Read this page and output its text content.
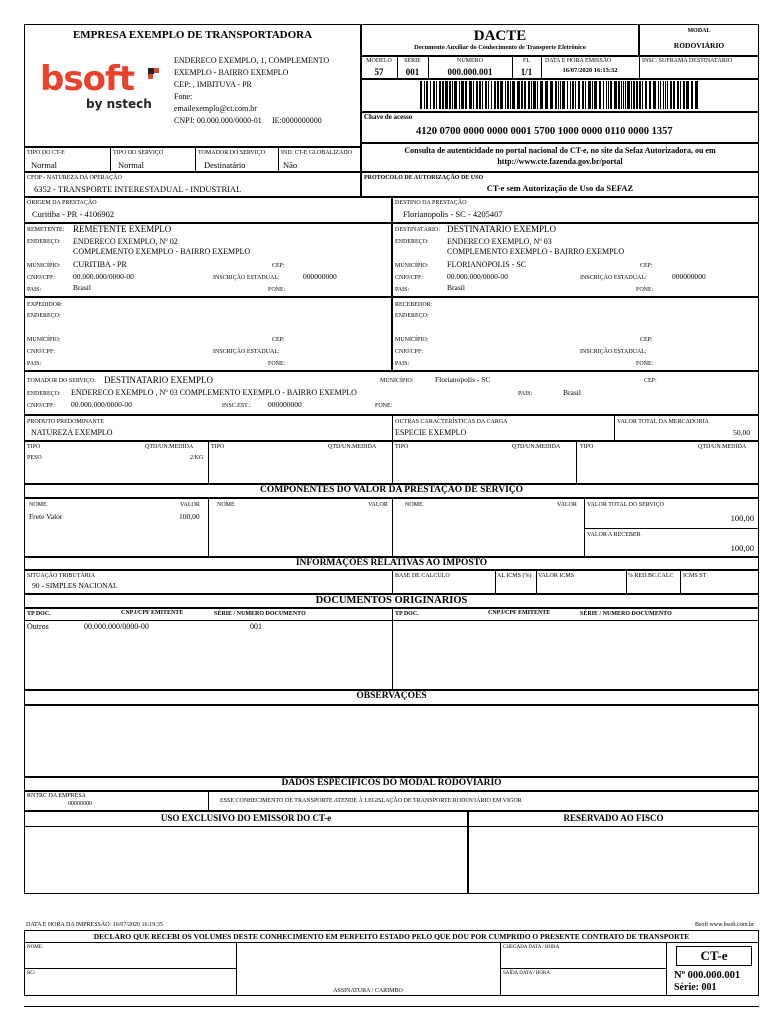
EMPRESA EXEMPLO DE TRANSPORTADORA
bsoft
by nstech
ENDERECO EXEMPLO, 1, COMPLEMENTO
EXEMPLO - BAIRRO EXEMPLO
CEP: , IMBITUVA - PR
Fone:
emailexemplo@ct.com.br
CNPJ: 00.000.000/0000-01 IE:0000000000
DACTE
Documento Auxiliar do Conhecimento de Transporte Eletrônico
MODAL
RODOVIÁRIO
MODELO
57
SÉRIE
001
NÚMERO
000.000.001
FL
1/1
DATA E HORA EMISSÃO
16/07/2020 16:13:32
INSC. SUFRAMA DESTINATÁRIO
Chave de acesso
4120 0700 0000 0000 0001 5700 1000 0000 0110 0000 1357
Consulta de autenticidade no portal nacional do CT-e, no site da Sefaz Autorizadora, ou em
http://www.cte.fazenda.gov.br/portal
TIPO DO CT-E
Normal
TIPO DO SERVIÇO
Normal
TOMADOR DO SERVIÇO
Destinatário
IND. CT-E GLOBALIZADO
Não
CFOP - NATUREZA DA OPERAÇÃO
6352 - TRANSPORTE INTERESTADUAL - INDUSTRIAL
PROTOCOLO DE AUTORIZAÇÃO DE USO
CT-e sem Autorização de Uso da SEFAZ
ORIGEM DA PRESTAÇÃO
Curitiba - PR - 4106902
DESTINO DA PRESTAÇÃO
Florianopolis - SC - 4205407
REMETENTE: REMETENTE EXEMPLO
ENDEREÇO: ENDERECO EXEMPLO, Nº 02
COMPLEMENTO EXEMPLO - BAIRRO EXEMPLO
MUNICÍPIO: CURITIBA - PR	CEP:
CNPJ/CPF: 00.000.000/0000-00	INSCRIÇÃO ESTADUAL:	000000000
PAIS:	Brasil	FONE:
DESTINATÁRIO: DESTINATARIO EXEMPLO
ENDEREÇO: ENDERECO EXEMPLO, Nº 03
COMPLEMENTO EXEMPLO - BAIRRO EXEMPLO
MUNICÍPIO: FLORIANOPOLIS - SC	CEP:
CNPJ/CPF:	00.000.000/0000-00	INSCRIÇÃO ESTADUAL:	000000000
PAIS:	Brasil	FONE:
EXPEDIDOR:
ENDEREÇO:
MUNICÍPIO:	CEP:
CNPJ/CPF:	INSCRIÇÃO ESTADUAL:
PAIS:	FONE:
RECEBEDOR:
ENDEREÇO:
MUNICÍPIO:	CEP:
CNPJ/CPF:	INSCRIÇÃO ESTADUAL:
PAIS:	FONE:
TOMADOR DO SERVIÇO: DESTINATARIO EXEMPLO	MUNICÍPIO:	Florianopolis - SC	CEP:
ENDEREÇO: ENDERECO EXEMPLO , Nº 03 COMPLEMENTO EXEMPLO - BAIRRO EXEMPLO	PAIS:	Brasil
CNPJ/CPF: 00.000.000/0000-00	INSC.EST.: 000000000	FONE:
PRODUTO PREDOMINANTE
NATUREZA EXEMPLO
OUTRAS CARACTERÍSTICAS DA CARGA
ESPECIE EXEMPLO
VALOR TOTAL DA MERCADORIA
50,00
TIPO	QTD/UN.MEDIDA
PESO	2/KG
TIPO	QTD/UN.MEDIDA	TIPO	QTD/UN.MEDIDA	TIPO	QTD/UN.MEDIDA
COMPONENTES DO VALOR DA PRESTAÇÃO DE SERVIÇO
NOME	VALOR
Frete Valor	100,00
NOME	VALOR	NOME	VALOR VALOR TOTAL DO SERVIÇO
100,00
VALOR A RECEBER
100,00
INFORMAÇÕES RELATIVAS AO IMPOSTO
SITUAÇÃO TRIBUTÁRIA
90 - SIMPLES NACIONAL
BASE DE CALCULO	AL ICMS (%) VALOR ICMS	% RED.BC.CALC ICMS ST
DOCUMENTOS ORIGINÁRIOS
TP DOC.	CNPJ/CPF EMITENTE	SÉRIE / NUMERO DOCUMENTO	TP DOC.	CNPJ/CPF EMITENTE	SÉRIE / NUMERO DOCUMENTO
Outros	00.000.000/0000-00	001
OBSERVAÇÕES
DADOS ESPECIFICOS DO MODAL RODOVIÁRIO
RNTRC DA EMPRESA
00000000	ESSE CONHECIMENTO DE TRANSPORTE ATENDE À LEGISLAÇÃO DE TRANSPORTE RODOVIÁRIO EM VIGOR
USO EXCLUSIVO DO EMISSOR DO CT-e	RESERVADO AO FISCO
DATA E HORA DA IMPRESSÃO: 16/07/2020 16:19:35	Bsoft www.bsoft.com.br
DECLARO QUE RECEBI OS VOLUMES DESTE CONHECIMENTO EM PERFEITO ESTADO PELO QUE DOU POR CUMPRIDO O PRESENTE CONTRATO DE TRANSPORTE
NOME:
RG:
ASSINATURA / CARIMBO
CHEGADA DATA / HORA
SAÍDA DATA / HORA
CT-e
Nº 000.000.001
Série: 001
